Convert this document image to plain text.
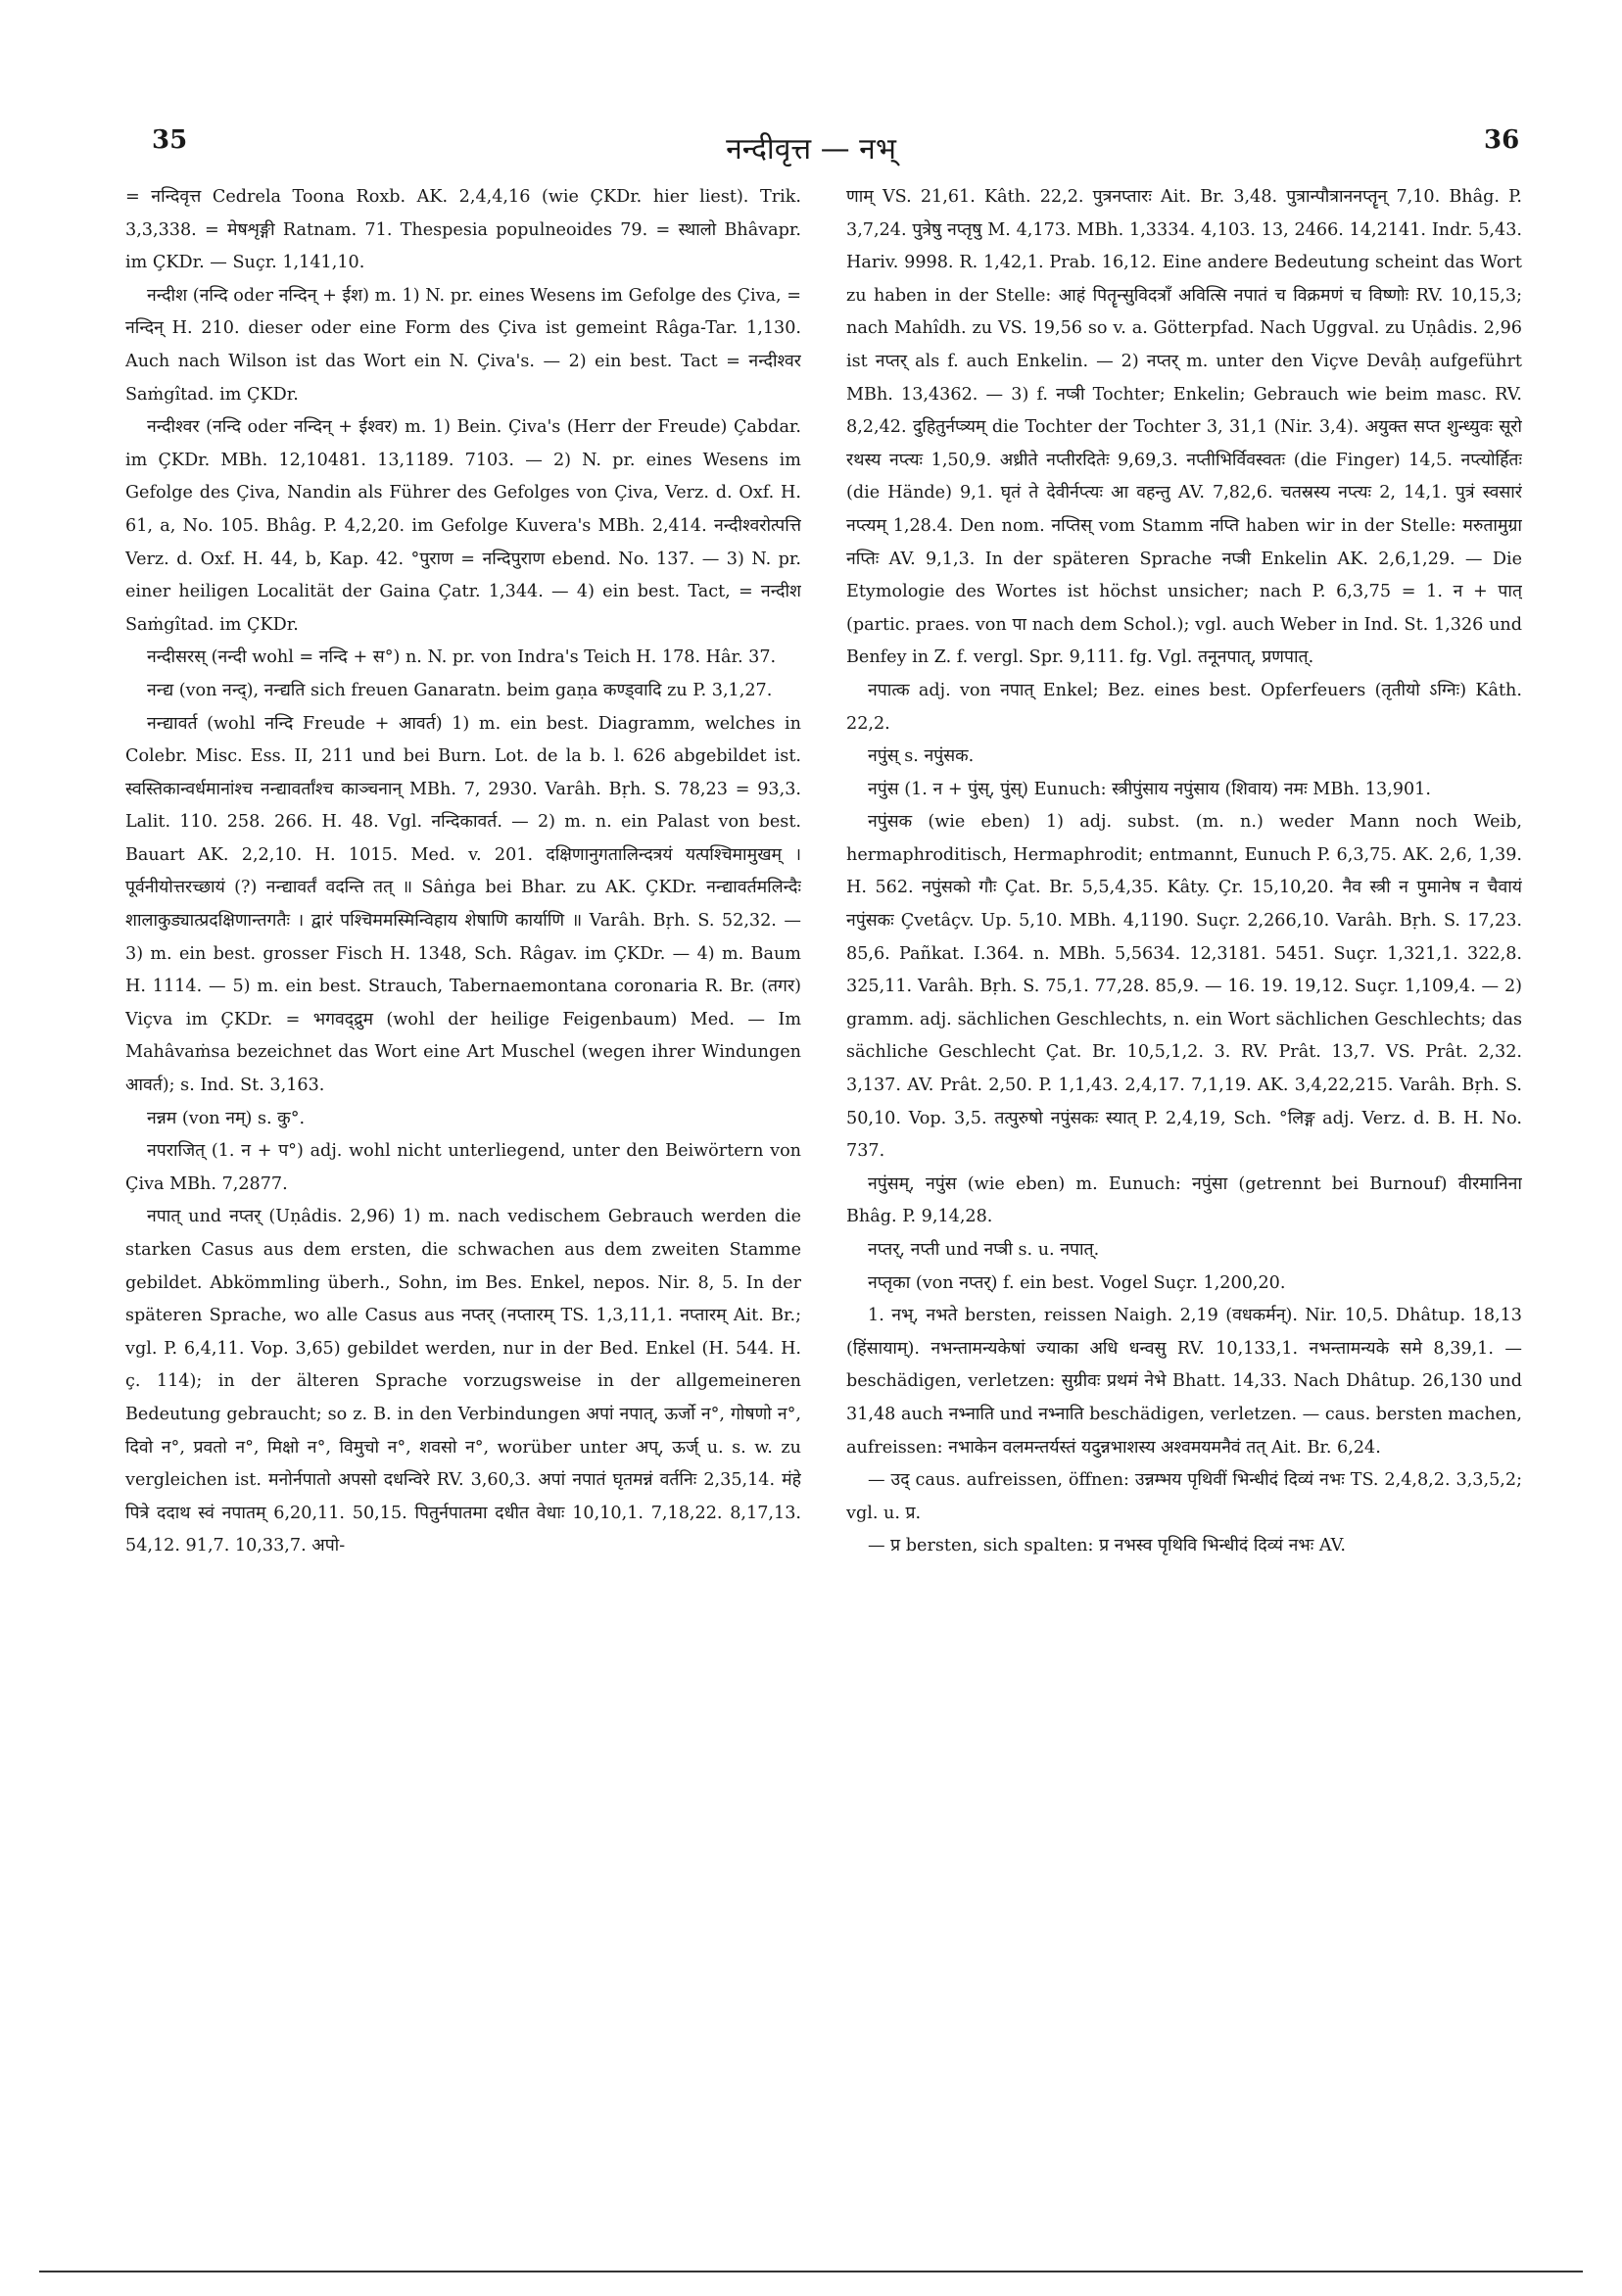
35	नन्दीवृत्त — नभ्	36

= नन्दिवृत्त Cedrela Toona Roxb. AK. 2,4,4,16 (wie ÇKDr. hier liest). Trik. 3,3,338. = मेषशृङ्गी Ratnam. 71. Thespesia populneoides 79. = स्थालो Bhâvapr. im ÇKDr. — Suçr. 1,141,10.

नन्दीश (नन्दि oder नन्दिन् + ईश) m. 1) N. pr. eines Wesens im Gefolge des Çiva, = नन्दिन् H. 210. dieser oder eine Form des Çiva ist gemeint Râga-Tar. 1,130. Auch nach Wilson ist das Wort ein N. Çiva's. — 2) ein best. Tact = नन्दीश्वर Saṁgîtad. im ÇKDr.

नन्दीश्वर (नन्दि oder नन्दिन् + ईश्वर) m. 1) Bein. Çiva's (Herr der Freude) Çabdar. im ÇKDr. MBh. 12,10481. 13,1189. 7103. — 2) N. pr. eines Wesens im Gefolge des Çiva, Nandin als Führer des Gefolges von Çiva, Verz. d. Oxf. H. 61, a, No. 105. Bhâg. P. 4,2,20. im Gefolge Kuvera's MBh. 2,414. नन्दीश्वरोत्पत्ति Verz. d. Oxf. H. 44, b, Kap. 42. °पुराण = नन्दिपुराण ebend. No. 137. — 3) N. pr. einer heiligen Localität der Gaina Çatr. 1,344. — 4) ein best. Tact, = नन्दीश Saṁgîtad. im ÇKDr.

नन्दीसरस् (नन्दी wohl = नन्दि + स°) n. N. pr. von Indra's Teich H. 178. Hâr. 37.

नन्द्य (von नन्द्), नन्द्यति sich freuen Ganaratn. beim gaṇa कण्ड्वादि zu P. 3,1,27.

नन्द्यावर्त (wohl नन्दि Freude + आवर्त) 1) m. ein best. Diagramm, welches in Colebr. Misc. Ess. II, 211 und bei Burn. Lot. de la b. l. 626 abgebildet ist. स्वस्तिकान्वर्धमानांश्च नन्द्यावर्तांश्च काञ्चनान् MBh. 7, 2930. Varâh. Bṛh. S. 78,23 = 93,3. Lalit. 110. 258. 266. H. 48. Vgl. नन्दिकावर्त. — 2) m. n. ein Palast von best. Bauart AK. 2,2,10. H. 1015. Med. v. 201. दक्षिणानुगतालिन्दत्रयं यत्पश्चिमामुखम् । पूर्वनीयोत्तरच्छायं (?) नन्द्यावर्तं वदन्ति तत् ॥ Sâṅga bei Bhar. zu AK. ÇKDr. नन्द्यावर्तमलिन्दैः शालाकुड्यात्प्रदक्षिणान्तगतैः । द्वारं पश्चिममस्मिन्विहाय शेषाणि कार्याणि ॥ Varâh. Bṛh. S. 52,32. — 3) m. ein best. grosser Fisch H. 1348, Sch. Râgav. im ÇKDr. — 4) m. Baum H. 1114. — 5) m. ein best. Strauch, Tabernaemontana coronaria R. Br. (तगर) Viçva im ÇKDr. = भगवद्द्रुम (wohl der heilige Feigenbaum) Med. — Im Mahâvaṁsa bezeichnet das Wort eine Art Muschel (wegen ihrer Windungen आवर्त); s. Ind. St. 3,163.

नन्नम (von नम्) s. कु°.

नपराजित् (1. न + प°) adj. wohl nicht unterliegend, unter den Beiwörtern von Çiva MBh. 7,2877.

नपात् und नप्तर् (Uṇâdis. 2,96) 1) m. nach vedischem Gebrauch werden die starken Casus aus dem ersten, die schwachen aus dem zweiten Stamme gebildet. Abkömmling überh., Sohn, im Bes. Enkel, nepos. Nir. 8, 5. In der späteren Sprache, wo alle Casus aus नप्तर् (नप्तारम् TS. 1,3,11,1. नप्तारम् Ait. Br.; vgl. P. 6,4,11. Vop. 3,65) gebildet werden, nur in der Bed. Enkel (H. 544. H. ç. 114); in der älteren Sprache vorzugsweise in der allgemeineren Bedeutung gebraucht; so z. B. in den Verbindungen अपां नपात्, ऊर्जो न°, गोषणो न°, दिवो न°, प्रवतो न°, मिक्षो न°, विमुचो न°, शवसो न°, worüber unter अप्, ऊर्ज् u. s. w. zu vergleichen ist. मनोर्नपातो अपसो दधन्विरे RV. 3,60,3. अपां नपातं घृतमन्नं वर्तनिः 2,35,14. मंहे पित्रे ददाथ स्वं नपातम् 6,20,11. 50,15. पितुर्नपातमा दधीत वेधाः 10,10,1. 7,18,22. 8,17,13. 54,12. 91,7. 10,33,7. अपो-

णाम् VS. 21,61. Kâth. 22,2. पुत्रनप्तारः Ait. Br. 3,48. पुत्रान्पौत्राननप्तॄन् 7,10. Bhâg. P. 3,7,24. पुत्रेषु नप्तृषु M. 4,173. MBh. 1,3334. 4,103. 13, 2466. 14,2141. Indr. 5,43. Hariv. 9998. R. 1,42,1. Prab. 16,12. Eine andere Bedeutung scheint das Wort zu haben in der Stelle: आहं पितॄन्सुविदत्राँ अवित्सि नपातं च विक्रमणं च विष्णोः RV. 10,15,3; nach Mahîdh. zu VS. 19,56 so v. a. Götterpfad. Nach Uggval. zu Uṇâdis. 2,96 ist नप्तर् als f. auch Enkelin. — 2) नप्तर् m. unter den Viçve Devâḥ aufgeführt MBh. 13,4362. — 3) f. नप्त्री Tochter; Enkelin; Gebrauch wie beim masc. RV. 8,2,42. दुहितुर्नप्त्र्यम् die Tochter der Tochter 3, 31,1 (Nir. 3,4). अयुक्त सप्त शुन्ध्युवः सूरो रथस्य नप्त्यः 1,50,9. अध्रीते नप्तीरदितेः 9,69,3. नप्तीभिर्विवस्वतः (die Finger) 14,5. नप्त्योर्हितः (die Hände) 9,1. घृतं ते देवीर्नप्त्यः आ वहन्तु AV. 7,82,6. चतस्रस्य नप्त्यः 2, 14,1. पुत्रं स्वसारं नप्त्यम् 1,28.4. Den nom. नप्तिस् vom Stamm नप्ति haben wir in der Stelle: मरुतामुग्रा नप्तिः AV. 9,1,3. In der späteren Sprache नप्त्री Enkelin AK. 2,6,1,29. — Die Etymologie des Wortes ist höchst unsicher; nach P. 6,3,75 = 1. न + पात् (partic. praes. von पा nach dem Schol.); vgl. auch Weber in Ind. St. 1,326 und Benfey in Z. f. vergl. Spr. 9,111. fg. Vgl. तनूनपात्, प्रणपात्.

नपात्क adj. von नपात् Enkel; Bez. eines best. Opferfeuers (तृतीयो ऽग्निः) Kâth. 22,2.

नपुंस् s. नपुंसक.

नपुंस (1. न + पुंस्, पुंस्) Eunuch: स्त्रीपुंसाय नपुंसाय (शिवाय) नमः MBh. 13,901.

नपुंसक (wie eben) 1) adj. subst. (m. n.) weder Mann noch Weib, hermaphroditisch, Hermaphrodit; entmannt, Eunuch P. 6,3,75. AK. 2,6, 1,39. H. 562. नपुंसको गौः Çat. Br. 5,5,4,35. Kâty. Çr. 15,10,20. नैव स्त्री न पुमानेष न चैवायं नपुंसकः Çvetâçv. Up. 5,10. MBh. 4,1190. Suçr. 2,266,10. Varâh. Bṛh. S. 17,23. 85,6. Pañkat. I.364. n. MBh. 5,5634. 12,3181. 5451. Suçr. 1,321,1. 322,8. 325,11. Varâh. Bṛh. S. 75,1. 77,28. 85,9. — 16. 19. 19,12. Suçr. 1,109,4. — 2) gramm. adj. sächlichen Geschlechts, n. ein Wort sächlichen Geschlechts; das sächliche Geschlecht Çat. Br. 10,5,1,2. 3. RV. Prât. 13,7. VS. Prât. 2,32. 3,137. AV. Prât. 2,50. P. 1,1,43. 2,4,17. 7,1,19. AK. 3,4,22,215. Varâh. Bṛh. S. 50,10. Vop. 3,5. तत्पुरुषो नपुंसकः स्यात् P. 2,4,19, Sch. °लिङ्ग adj. Verz. d. B. H. No. 737.

नपुंसम्, नपुंस (wie eben) m. Eunuch: नपुंसा (getrennt bei Burnouf) वीरमानिना Bhâg. P. 9,14,28.

नप्तर्, नप्ती und नप्त्री s. u. नपात्.

नप्तृका (von नप्तर्) f. ein best. Vogel Suçr. 1,200,20.

1. नभ्, नभते bersten, reissen Naigh. 2,19 (वधकर्मन्). Nir. 10,5. Dhâtup. 18,13 (हिंसायाम्). नभन्तामन्यकेषां ज्याका अधि धन्वसु RV. 10,133,1. नभन्तामन्यके समे 8,39,1. — beschädigen, verletzen: सुग्रीवः प्रथमं नेभे Bhatt. 14,33. Nach Dhâtup. 26,130 und 31,48 auch नभ्नाति und नभ्नाति beschädigen, verletzen. — caus. bersten machen, aufreissen: नभाकेन वलमन्तर्यस्तं यदुन्नभाशस्य अश्वमयमनैवं तत् Ait. Br. 6,24.

— उद् caus. aufreissen, öffnen: उन्नम्भय पृथिवीं भिन्धीदं दिव्यं नभः TS. 2,4,8,2. 3,3,5,2; vgl. u. प्र.

— प्र bersten, sich spalten: प्र नभस्व पृथिवि भिन्धीदं दिव्यं नभः AV.
